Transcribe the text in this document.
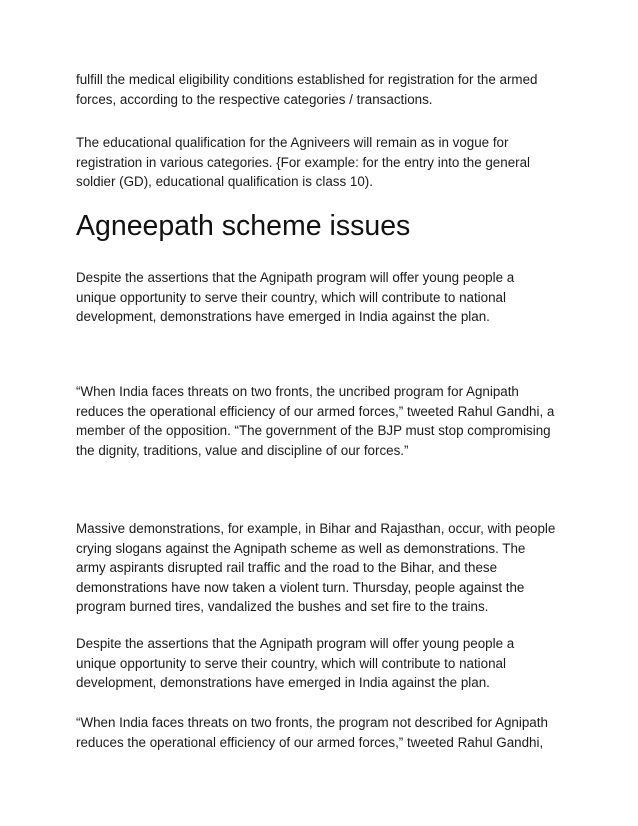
fulfill the medical eligibility conditions established for registration for the armed
forces, according to the respective categories / transactions.

The educational qualification for the Agniveers will remain as in vogue for
registration in various categories. {For example: for the entry into the general
soldier (GD), educational qualification is class 10).

Agneepath scheme issues

Despite the assertions that the Agnipath program will offer young people a
unique opportunity to serve their country, which will contribute to national
development, demonstrations have emerged in India against the plan.

“When India faces threats on two fronts, the uncribed program for Agnipath
reduces the operational efficiency of our armed forces,” tweeted Rahul Gandhi, a
member of the opposition. “The government of the BJP must stop compromising
the dignity, traditions, value and discipline of our forces.”

Massive demonstrations, for example, in Bihar and Rajasthan, occur, with people
crying slogans against the Agnipath scheme as well as demonstrations. The
army aspirants disrupted rail traffic and the road to the Bihar, and these
demonstrations have now taken a violent turn. Thursday, people against the
program burned tires, vandalized the bushes and set fire to the trains.

Despite the assertions that the Agnipath program will offer young people a
unique opportunity to serve their country, which will contribute to national
development, demonstrations have emerged in India against the plan.

“When India faces threats on two fronts, the program not described for Agnipath
reduces the operational efficiency of our armed forces,” tweeted Rahul Gandhi,
